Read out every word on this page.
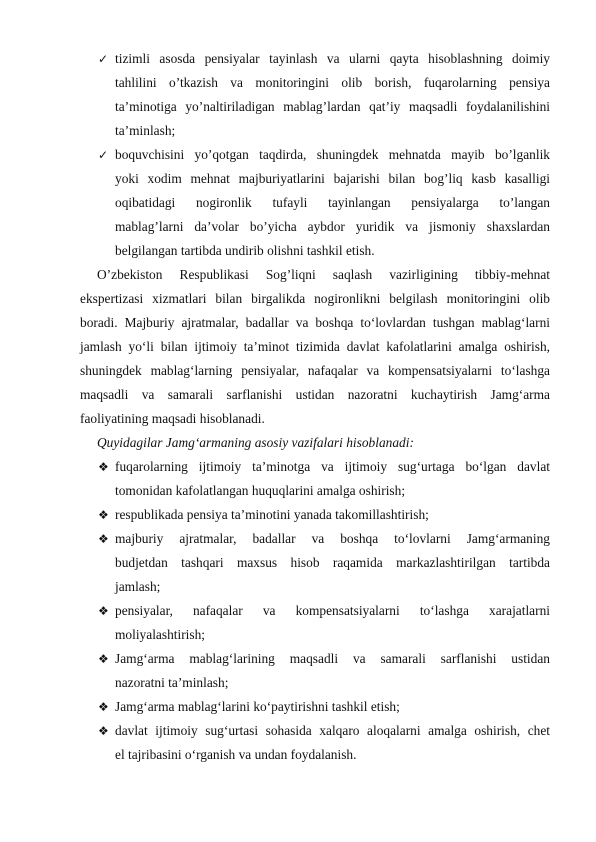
✓ tizimli asosda pensiyalar tayinlash va ularni qayta hisoblashning doimiy
tahlilini o’tkazish va monitoringini olib borish, fuqarolarning pensiya
ta’minotiga yo’naltiriladigan mablag’lardan qat’iy maqsadli foydalanilishini
ta’minlash;
✓ boquvchisini yo’qotgan taqdirda, shuningdek mehnatda mayib bo’lganlik
yoki xodim mehnat majburiyatlarini bajarishi bilan bog’liq kasb kasalligi
oqibatidagi nogironlik tufayli tayinlangan pensiyalarga to’langan
mablag’larni da’volar bo’yicha aybdor yuridik va jismoniy shaxslardan
belgilangan tartibda undirib olishni tashkil etish.
O’zbekiston Respublikasi Sog’liqni saqlash vazirligining tibbiy-mehnat
ekspertizasi xizmatlari bilan birgalikda nogironlikni belgilash monitoringini olib
boradi. Majburiy ajratmalar, badallar va boshqa to‘lovlardan tushgan mablag‘larni
jamlash yo‘li bilan ijtimoiy ta’minot tizimida davlat kafolatlarini amalga oshirish,
shuningdek mablag‘larning pensiyalar, nafaqalar va kompensatsiyalarni to‘lashga
maqsadli va samarali sarflanishi ustidan nazoratni kuchaytirish Jamg‘arma
faoliyatining maqsadi hisoblanadi.
Quyidagilar Jamg‘armaning asosiy vazifalari hisoblanadi:
❖ fuqarolarning ijtimoiy ta’minotga va ijtimoiy sug‘urtaga bo‘lgan davlat
tomonidan kafolatlangan huquqlarini amalga oshirish;
❖ respublikada pensiya ta’minotini yanada takomillashtirish;
❖ majburiy ajratmalar, badallar va boshqa to‘lovlarni Jamg‘armaning
budjetdan tashqari maxsus hisob raqamida markazlashtirilgan tartibda
jamlash;
❖ pensiyalar, nafaqalar va kompensatsiyalarni to‘lashga xarajatlarni
moliyalashtirish;
❖ Jamg‘arma mablag‘larining maqsadli va samarali sarflanishi ustidan
nazoratni ta’minlash;
❖ Jamg‘arma mablag‘larini ko‘paytirishni tashkil etish;
❖ davlat ijtimoiy sug‘urtasi sohasida xalqaro aloqalarni amalga oshirish, chet
el tajribasini o‘rganish va undan foydalanish.
